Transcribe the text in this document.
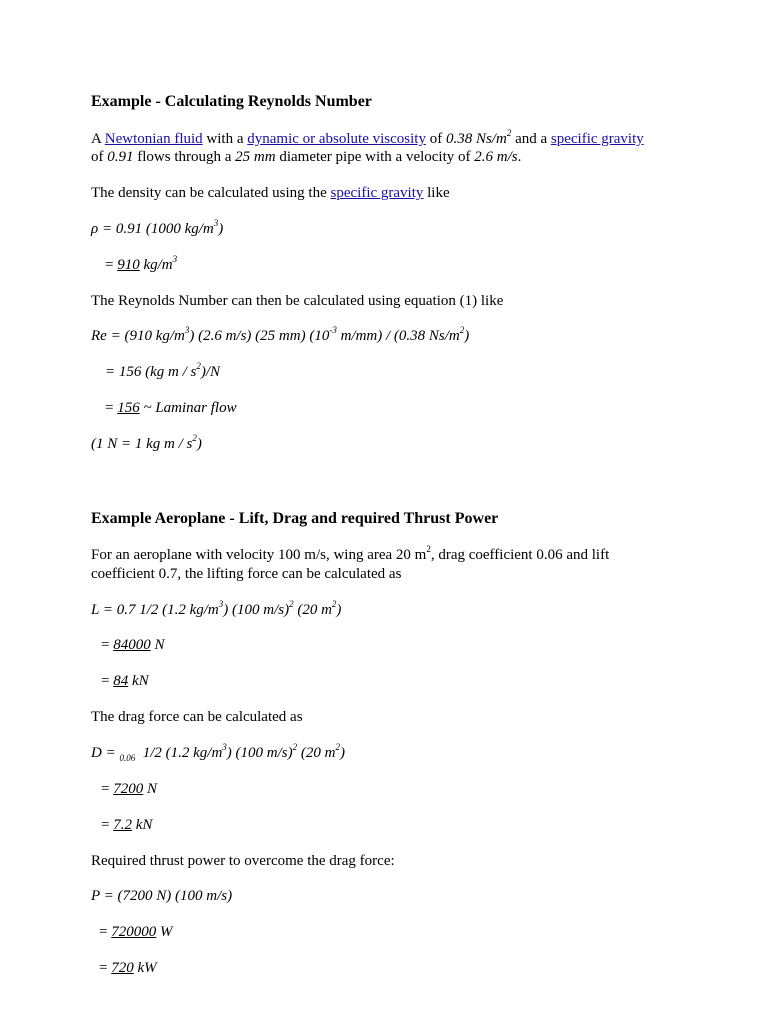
Example - Calculating Reynolds Number
A Newtonian fluid with a dynamic or absolute viscosity of 0.38 $Ns/m^2$ and a specific gravity
of 0.91 flows through a 25 mm diameter pipe with a velocity of 2.6 m/s.
The density can be calculated using the specific gravity like
ρ = 0.91 (1000 $kg/m^3$)
= 910 $kg/m^3$
The Reynolds Number can then be calculated using equation (1) like
Re = (910 $kg/m^3$) (2.6 m/s) (25 mm) ($10^{-3}$ m/mm) / (0.38 $Ns/m^2$)
= 156 (kg m / $s^2)/N$
= 156 ~ Laminar flow
(1 N = 1 kg m / $s^2$)
Example Aeroplane - Lift, Drag and required Thrust Power
For an aeroplane with velocity 100 m/s, wing area 20 $m^2$, drag coefficient 0.06 and lift
coefficient 0.7, the lifting force can be calculated as
L = 0.7 1/2 (1.2 $kg/m^3$) (100 m/s)$^2$ (20 $m^2$)
= 84000 N
= 84 kN
The drag force can be calculated as
D = $_{0.06}$  1/2 (1.2 $kg/m^3$) (100 m/s)$^2$ (20 $m^2$)
= 7200 N
= 7.2 kN
Required thrust power to overcome the drag force:
P = (7200 N) (100 m/s)
= 720000 W
= 720 kW
